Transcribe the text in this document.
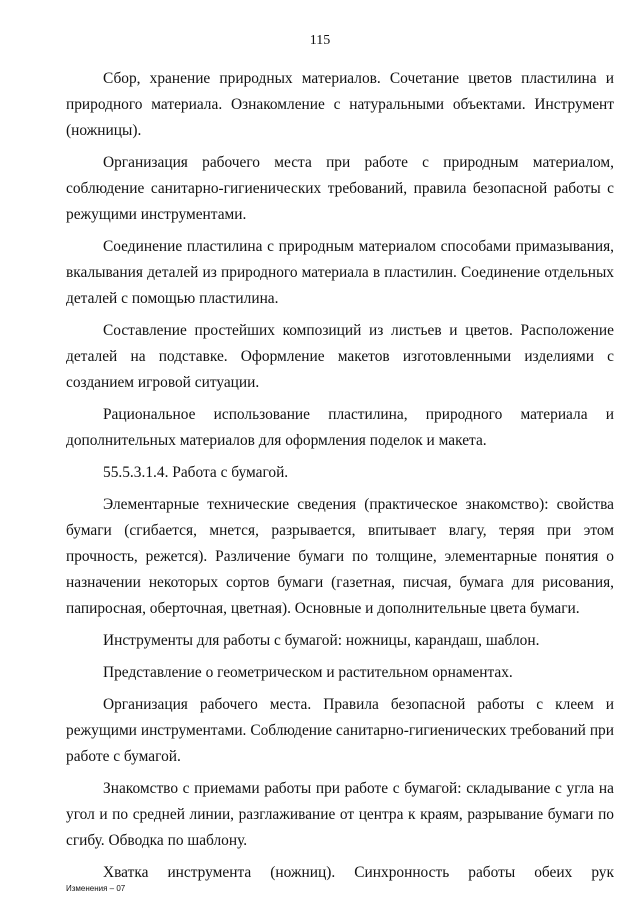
115

Сбор, хранение природных материалов. Сочетание цветов пластилина и природного материала. Ознакомление с натуральными объектами. Инструмент (ножницы).

Организация рабочего места при работе с природным материалом, соблюдение санитарно-гигиенических требований, правила безопасной работы с режущими инструментами.

Соединение пластилина с природным материалом способами примазывания, вкалывания деталей из природного материала в пластилин. Соединение отдельных деталей с помощью пластилина.

Составление простейших композиций из листьев и цветов. Расположение деталей на подставке. Оформление макетов изготовленными изделиями с созданием игровой ситуации.

Рациональное использование пластилина, природного материала и дополнительных материалов для оформления поделок и макета.

55.5.3.1.4. Работа с бумагой.

Элементарные технические сведения (практическое знакомство): свойства бумаги (сгибается, мнется, разрывается, впитывает влагу, теряя при этом прочность, режется). Различение бумаги по толщине, элементарные понятия о назначении некоторых сортов бумаги (газетная, писчая, бумага для рисования, папиросная, оберточная, цветная). Основные и дополнительные цвета бумаги.

Инструменты для работы с бумагой: ножницы, карандаш, шаблон.

Представление о геометрическом и растительном орнаментах.

Организация рабочего места. Правила безопасной работы с клеем и режущими инструментами. Соблюдение санитарно-гигиенических требований при работе с бумагой.

Знакомство с приемами работы при работе с бумагой: складывание с угла на угол и по средней линии, разглаживание от центра к краям, разрывание бумаги по сгибу. Обводка по шаблону.

Хватка инструмента (ножниц). Синхронность работы обеих рук

Изменения – 07
